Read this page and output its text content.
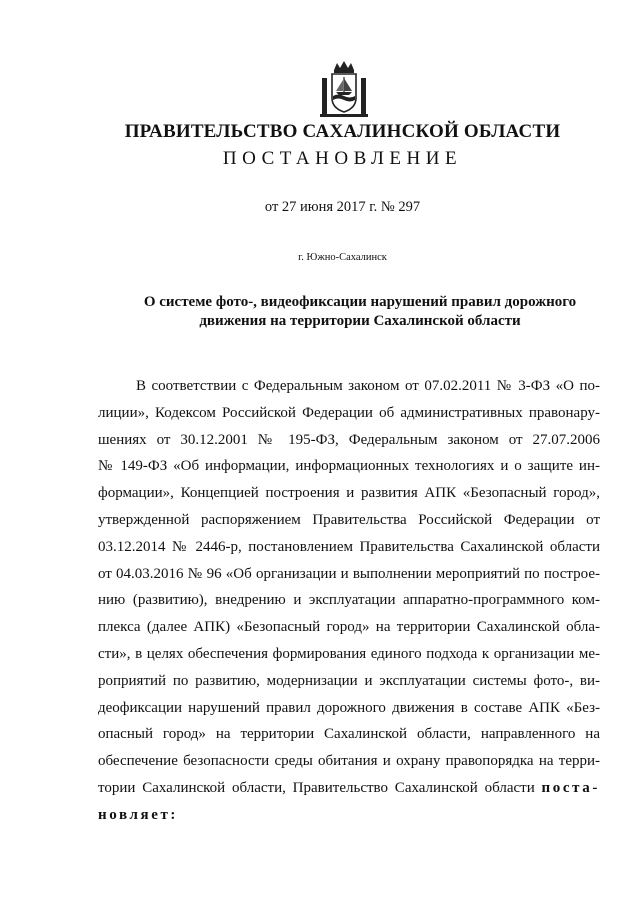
ПРАВИТЕЛЬСТВО САХАЛИНСКОЙ ОБЛАСТИ
ПОСТАНОВЛЕНИЕ
от 27 июня 2017 г. № 297
г. Южно-Сахалинск
О системе фото-, видеофиксации нарушений правил дорожного
движения на территории Сахалинской области
В соответствии с Федеральным законом от 07.02.2011 № 3-ФЗ «О по-
лиции», Кодексом Российской Федерации об административных правонару-
шениях от 30.12.2001 № 195-ФЗ, Федеральным законом от 27.07.2006
№ 149-ФЗ «Об информации, информационных технологиях и о защите ин-
формации», Концепцией построения и развития АПК «Безопасный город»,
утвержденной распоряжением Правительства Российской Федерации от
03.12.2014 № 2446-р, постановлением Правительства Сахалинской области
от 04.03.2016 № 96 «Об организации и выполнении мероприятий по построе-
нию (развитию), внедрению и эксплуатации аппаратно-программного ком-
плекса (далее АПК) «Безопасный город» на территории Сахалинской обла-
сти», в целях обеспечения формирования единого подхода к организации ме-
роприятий по развитию, модернизации и эксплуатации системы фото-, ви-
деофиксации нарушений правил дорожного движения в составе АПК «Без-
опасный город» на территории Сахалинской области, направленного на
обеспечение безопасности среды обитания и охрану правопорядка на терри-
тории Сахалинской области, Правительство Сахалинской области поста-
новляет:
